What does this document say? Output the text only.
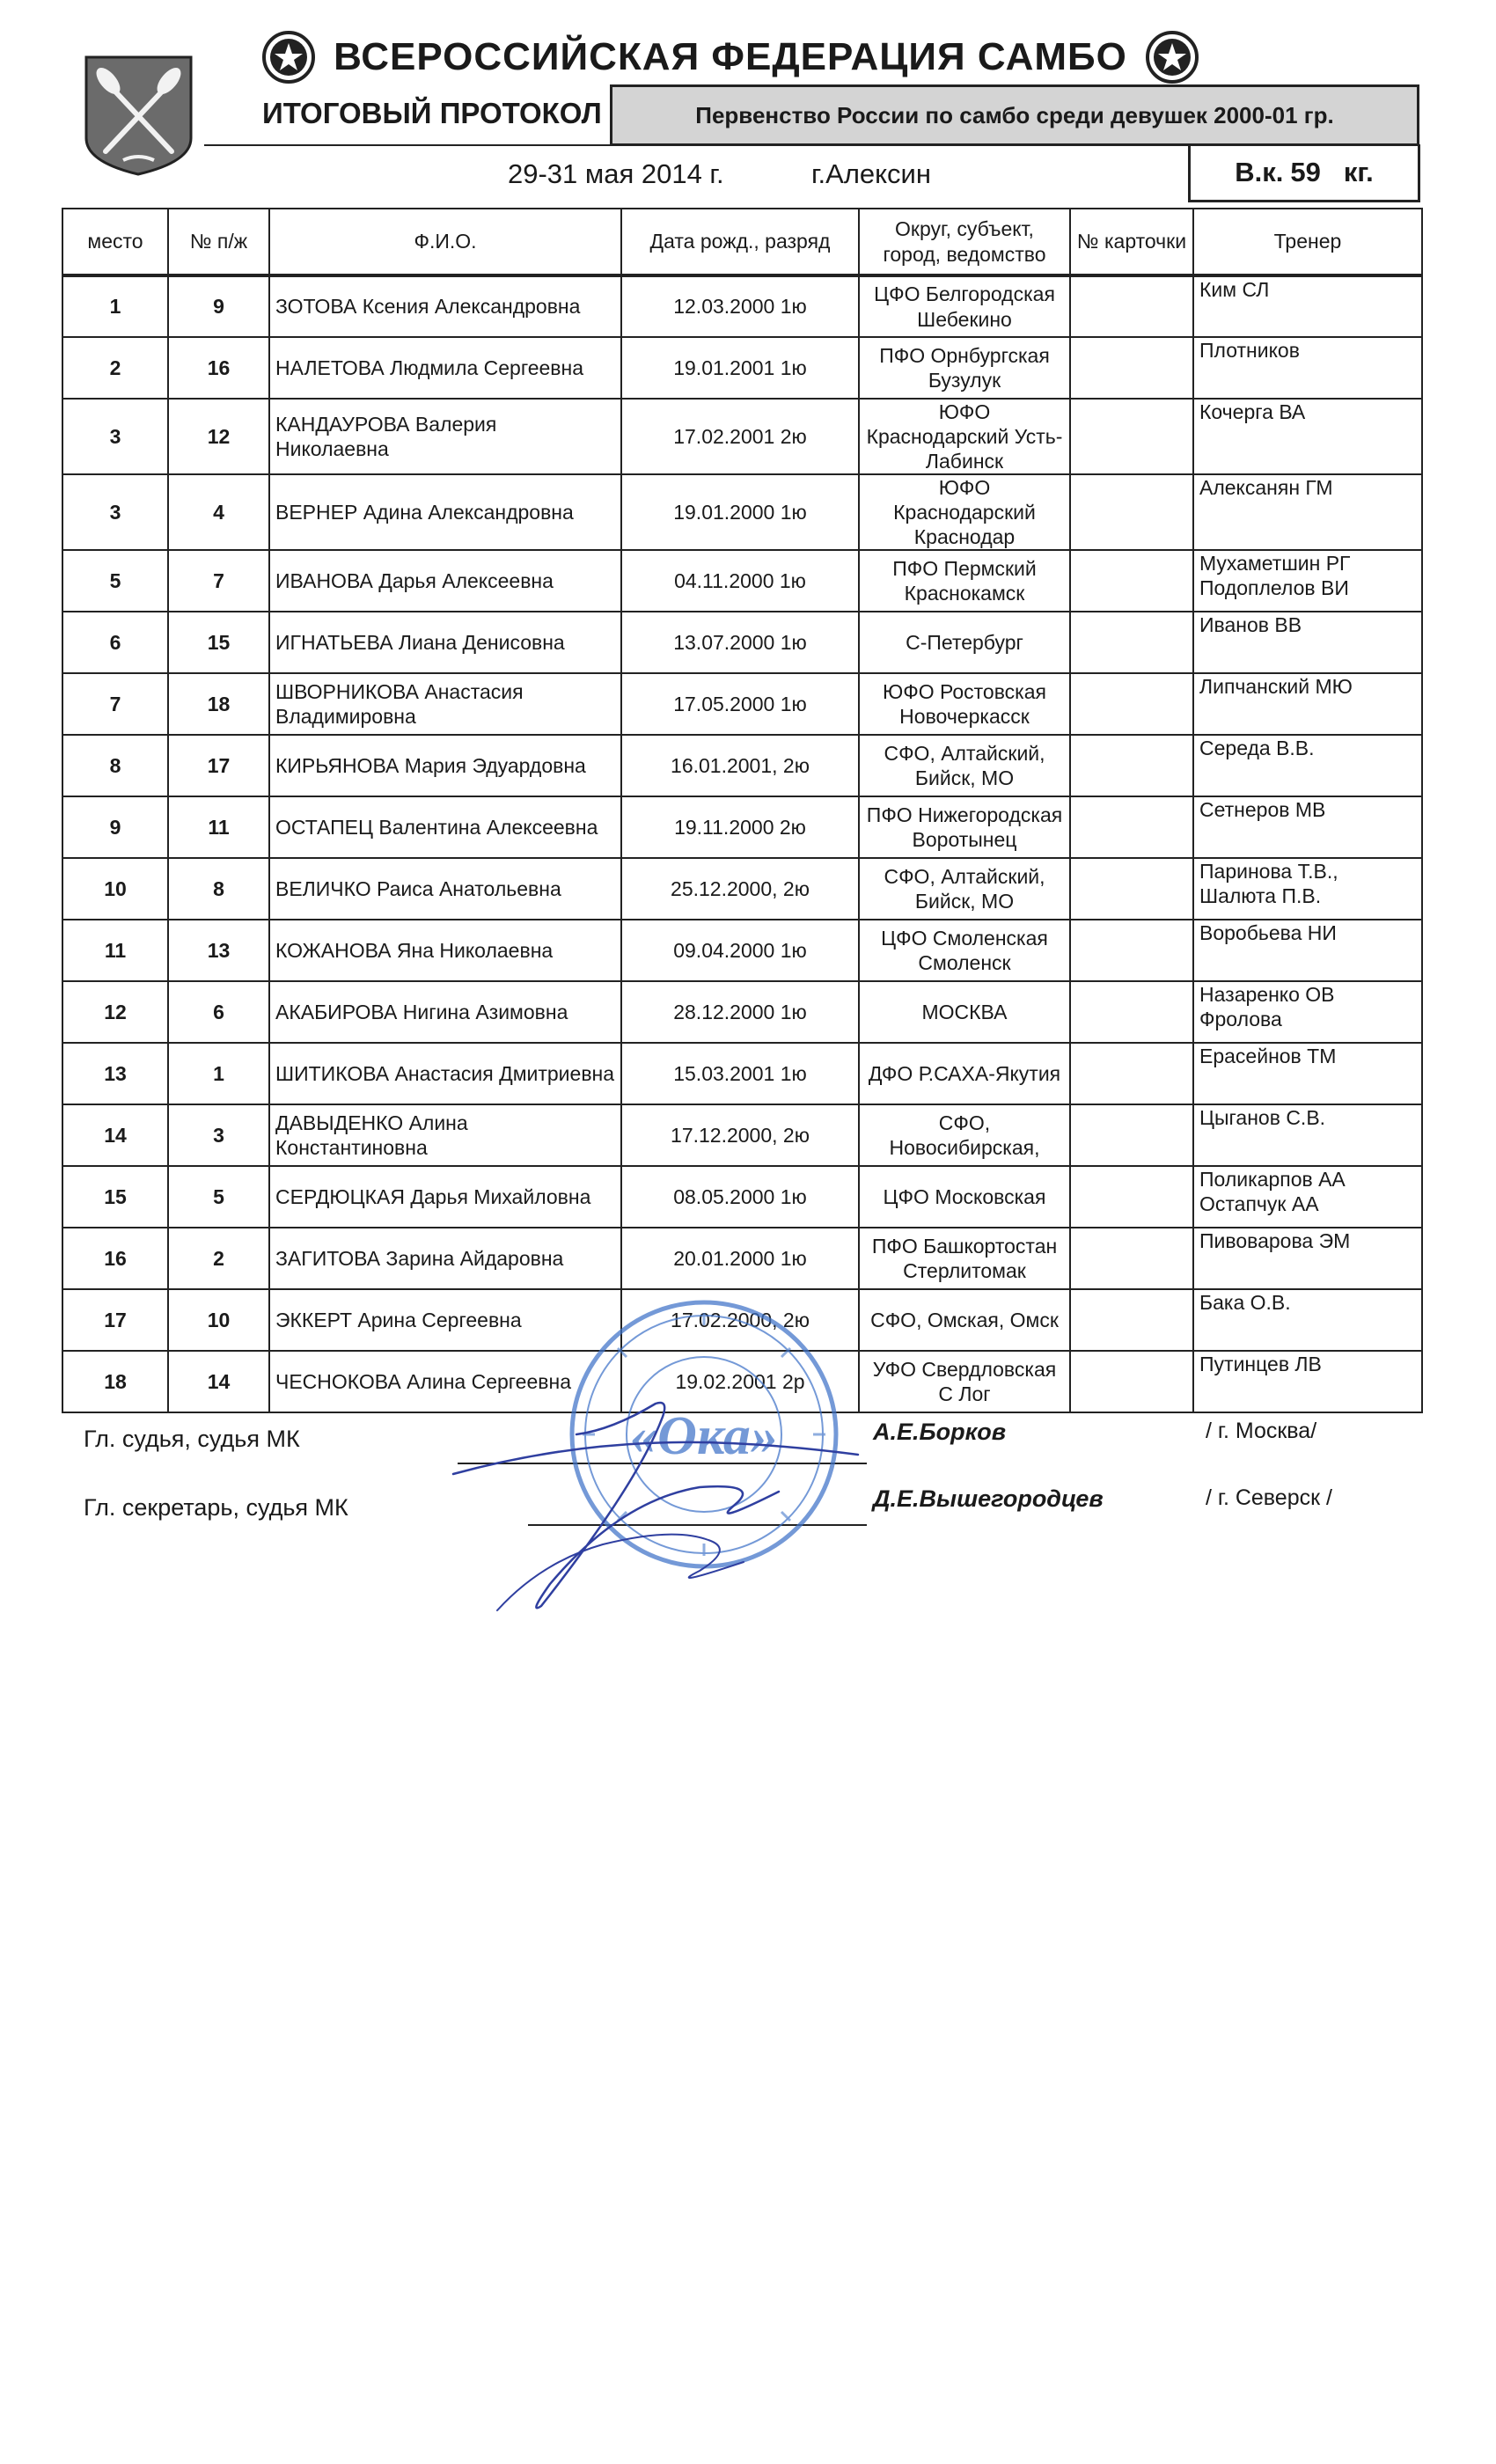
ВСЕРОССИЙСКАЯ ФЕДЕРАЦИЯ САМБО
ИТОГОВЫЙ ПРОТОКОЛ	Первенство России по самбо среди девушек 2000-01 гр.
29-31 мая 2014 г.	г.Алексин	В.к. 59 кг.
место	№ п/ж	Ф.И.О.	Дата рожд., разряд	Округ, субъект, город, ведомство	№ карточки	Тренер
1	9	ЗОТОВА Ксения Александровна	12.03.2000 1ю	ЦФО Белгородская Шебекино		Ким СЛ
2	16	НАЛЕТОВА Людмила Сергеевна	19.01.2001 1ю	ПФО Орнбургская Бузулук		Плотников
3	12	КАНДАУРОВА Валерия Николаевна	17.02.2001 2ю	ЮФО Краснодарский Усть-Лабинск		Кочерга ВА
3	4	ВЕРНЕР Адина Александровна	19.01.2000 1ю	ЮФО Краснодарский Краснодар		Алексанян ГМ
5	7	ИВАНОВА Дарья Алексеевна	04.11.2000 1ю	ПФО Пермский Краснокамск		Мухаметшин РГ Подоплелов ВИ
6	15	ИГНАТЬЕВА Лиана Денисовна	13.07.2000 1ю	С-Петербург		Иванов ВВ
7	18	ШВОРНИКОВА Анастасия Владимировна	17.05.2000 1ю	ЮФО Ростовская Новочеркасск		Липчанский МЮ
8	17	КИРЬЯНОВА Мария Эдуардовна	16.01.2001, 2ю	СФО, Алтайский, Бийск, МО		Середа В.В.
9	11	ОСТАПЕЦ Валентина Алексеевна	19.11.2000 2ю	ПФО Нижегородская Воротынец		Сетнеров МВ
10	8	ВЕЛИЧКО Раиса Анатольевна	25.12.2000, 2ю	СФО, Алтайский, Бийск, МО		Паринова Т.В., Шалюта П.В.
11	13	КОЖАНОВА Яна Николаевна	09.04.2000 1ю	ЦФО Смоленская Смоленск		Воробьева НИ
12	6	АКАБИРОВА Нигина Азимовна	28.12.2000 1ю	МОСКВА		Назаренко ОВ Фролова
13	1	ШИТИКОВА Анастасия Дмитриевна	15.03.2001 1ю	ДФО Р.САХА-Якутия		Ерасейнов ТМ
14	3	ДАВЫДЕНКО Алина Константиновна	17.12.2000, 2ю	СФО, Новосибирская,		Цыганов С.В.
15	5	СЕРДЮЦКАЯ Дарья Михайловна	08.05.2000 1ю	ЦФО Московская		Поликарпов АА Остапчук АА
16	2	ЗАГИТОВА Зарина Айдаровна	20.01.2000 1ю	ПФО Башкортостан Стерлитомак		Пивоварова ЭМ
17	10	ЭККЕРТ Арина Сергеевна	17.02.2000, 2ю	СФО, Омская, Омск		Бака О.В.
18	14	ЧЕСНОКОВА Алина Сергеевна	19.02.2001 2р	УФО Свердловская С Лог		Путинцев ЛВ
Гл. судья, судья МК	А.Е.Борков	/ г. Москва/
Гл. секретарь, судья МК	Д.Е.Вышегородцев	/ г. Северск /
«Ока»
